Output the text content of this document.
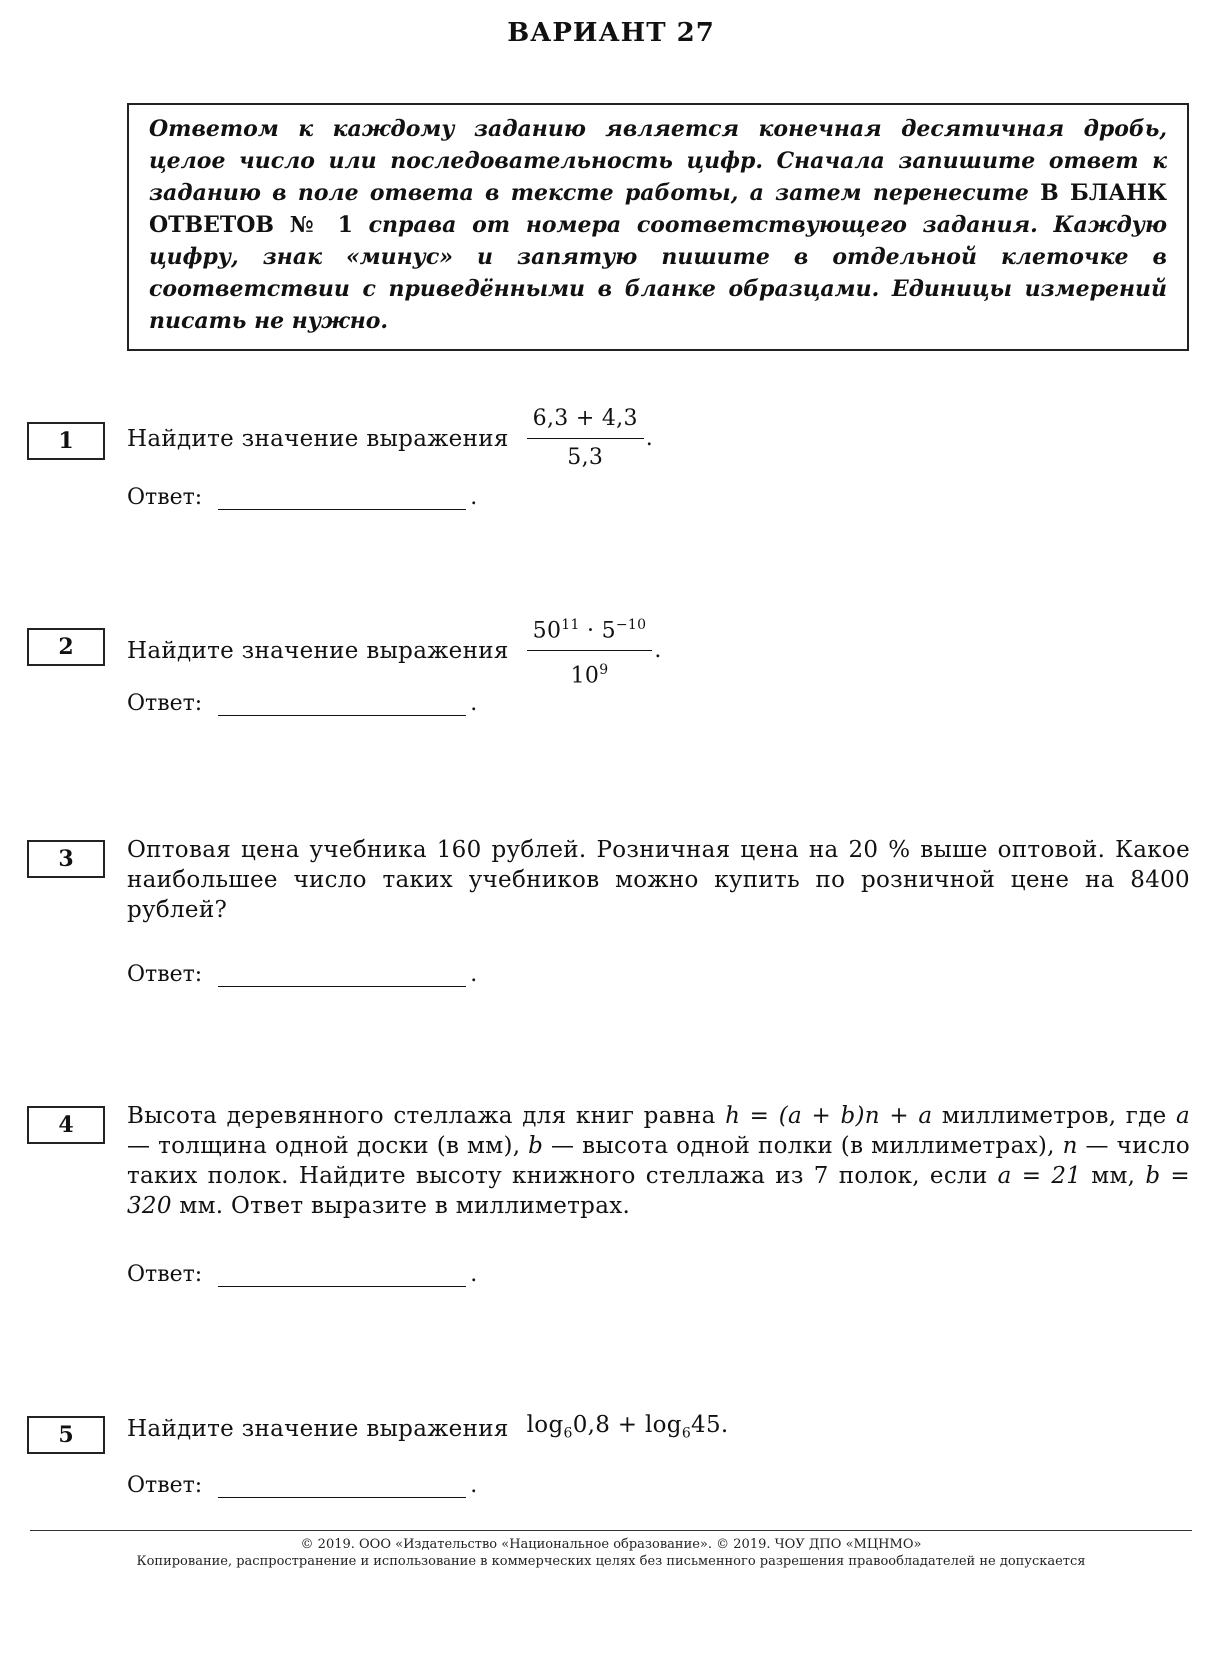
ВАРИАНТ 27
Ответом к каждому заданию является конечная десятичная дробь, целое число или последовательность цифр. Сначала запишите ответ к заданию в поле ответа в тексте работы, а затем перенесите В БЛАНК ОТВЕТОВ № 1 справа от номера соответствующего задания. Каждую цифру, знак «минус» и запятую пишите в отдельной клеточке в соответствии с приведёнными в бланке образцами. Единицы измерений писать не нужно.
1	Найдите значение выражения $\frac{6,3 + 4,3}{5,3}$ .
Ответ:	.
2	Найдите значение выражения $\frac{50^{11} \cdot 5^{-10}}{10^9}$ .
Ответ:	.
3	Оптовая цена учебника 160 рублей. Розничная цена на 20 % выше оптовой. Какое наибольшее число таких учебников можно купить по розничной цене на 8400 рублей?
Ответ:	.
4	Высота деревянного стеллажа для книг равна h = (a + b)n + a миллиметров, где a — толщина одной доски (в мм), b — высота одной полки (в миллиметрах), n — число таких полок. Найдите высоту книжного стеллажа из 7 полок, если a = 21 мм, b = 320 мм. Ответ выразите в миллиметрах.
Ответ:	.
5	Найдите значение выражения $\log_60,8 + \log_645$.
Ответ:	.
© 2019. ООО «Издательство «Национальное образование». © 2019. ЧОУ ДПО «МЦНМО»
Копирование, распространение и использование в коммерческих целях без письменного разрешения правообладателей не допускается
